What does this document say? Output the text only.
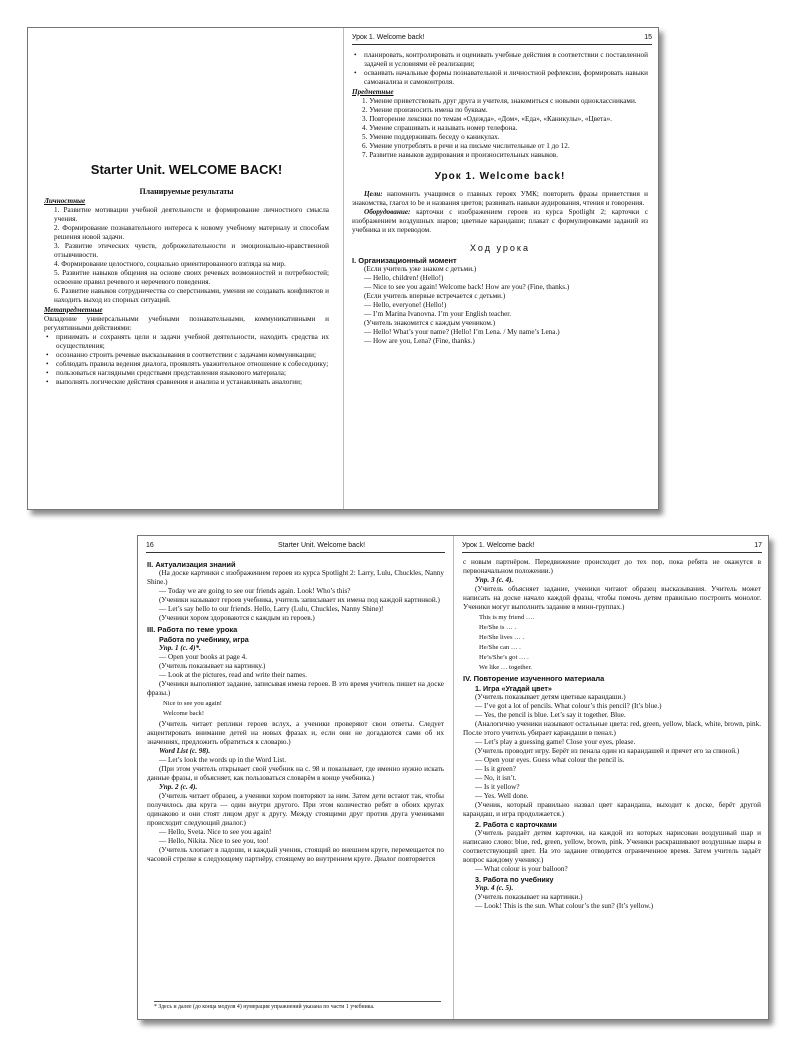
Starter Unit. WELCOME BACK!
Планируемые результаты
Личностные
1. Развитие мотивации учебной деятельности и формирование личностного смысла учения.
2. Формирование познавательного интереса к новому учебному материалу и способам решения новой задачи.
3. Развитие этических чувств, доброжелательности и эмоционально-нравственной отзывчивости.
4. Формирование целостного, социально ориентированного взгляда на мир.
5. Развитие навыков общения на основе своих речевых возможностей и потребностей; освоение правил речевого и неречевого поведения.
6. Развитие навыков сотрудничества со сверстниками, умения не создавать конфликтов и находить выход из спорных ситуаций.
Метапредметные
Овладение универсальными учебными познавательными, коммуникативными и регулятивными действиями:
• принимать и сохранять цели и задачи учебной деятельности, находить средства их осуществления;
• осознанно строить речевые высказывания в соответствии с задачами коммуникации;
• соблюдать правила ведения диалога, проявлять уважительное отношение к собеседнику;
• пользоваться наглядными средствами представления языкового материала;
• выполнять логические действия сравнения и анализа и устанавливать аналогии;
Урок 1. Welcome back!	15
• планировать, контролировать и оценивать учебные действия в соответствии с поставленной задачей и условиями её реализации;
• осваивать начальные формы познавательной и личностной рефлексии, формировать навыки самоанализа и самоконтроля.
Предметные
1. Умение приветствовать друг друга и учителя, знакомиться с новыми одноклассниками.
2. Умение произносить имена по буквам.
3. Повторение лексики по темам «Одежда», «Дом», «Еда», «Каникулы», «Цвета».
4. Умение спрашивать и называть номер телефона.
5. Умение поддерживать беседу о каникулах.
6. Умение употреблять в речи и на письме числительные от 1 до 12.
7. Развитие навыков аудирования и произносительных навыков.
Урок 1. Welcome back!
Цели: напомнить учащимся о главных героях УМК; повторить фразы приветствия и знакомства, глагол to be и названия цветов; развивать навыки аудирования, чтения и говорения.
Оборудование: карточки с изображением героев из курса Spotlight 2; карточки с изображением воздушных шаров; цветные карандаши; плакат с формулировками заданий из учебника и их переводом.
Ход урока
I. Организационный момент
(Если учитель уже знаком с детьми.)
— Hello, children! (Hello!)
— Nice to see you again! Welcome back! How are you? (Fine, thanks.)
(Если учитель впервые встречается с детьми.)
— Hello, everyone! (Hello!)
— I’m Marina Ivanovna. I’m your English teacher.
(Учитель знакомится с каждым учеником.)
— Hello! What’s your name? (Hello! I’m Lena. / My name’s Lena.)
— How are you, Lena? (Fine, thanks.)
16	Starter Unit. Welcome back!
II. Актуализация знаний
(На доске картинки с изображением героев из курса Spotlight 2: Larry, Lulu, Chuckles, Nanny Shine.)
— Today we are going to see our friends again. Look! Who’s this?
(Ученики называют героев учебника, учитель записывает их имена под каждой картинкой.)
— Let’s say hello to our friends. Hello, Larry (Lulu, Chuckles, Nanny Shine)!
(Ученики хором здороваются с каждым из героев.)
III. Работа по теме урока
Работа по учебнику, игра
Упр. 1 (с. 4)*.
— Open your books at page 4.
(Учитель показывает на картинку.)
— Look at the pictures, read and write their names.
(Ученики выполняют задание, записывая имена героев. В это время учитель пишет на доске фразы.)
Nice to see you again!
Welcome back!
(Учитель читает реплики героев вслух, а ученики проверяют свои ответы. Следует акцентировать внимание детей на новых фразах и, если они не догадаются сами об их значениях, предложить обратиться к словарю.)
Word List (с. 98).
— Let’s look the words up in the Word List.
(При этом учитель открывает свой учебник на с. 98 и показывает, где именно нужно искать данные фразы, и объясняет, как пользоваться словарём в конце учебника.)
Упр. 2 (с. 4).
(Учитель читает образец, а ученики хором повторяют за ним. Затем дети встают так, чтобы получилось два круга — один внутри другого. При этом количество ребят в обоих кругах одинаково и они стоят лицом друг к другу. Между стоящими друг против друга учениками происходит следующий диалог.)
— Hello, Sveta. Nice to see you again!
— Hello, Nikita. Nice to see you, too!
(Учитель хлопает в ладоши, и каждый ученик, стоящий во внешнем круге, перемещается по часовой стрелке к следующему партнёру, стоящему во внутреннем круге. Диалог повторяется
* Здесь и далее (до конца модуля 4) нумерация упражнений указана по части 1 учебника.
Урок 1. Welcome back!	17
с новым партнёром. Передвижение происходит до тех пор, пока ребята не окажутся в первоначальном положении.)
Упр. 3 (с. 4).
(Учитель объясняет задание, ученики читают образец высказывания. Учитель может написать на доске начало каждой фразы, чтобы помочь детям правильно построить монолог. Ученики могут выполнить задание в мини-группах.)
This is my friend ….
He/She is … .
He/She lives … .
He/She can … .
He’s/She’s got … .
We like … together.
IV. Повторение изученного материала
1. Игра «Угадай цвет»
(Учитель показывает детям цветные карандаши.)
— I’ve got a lot of pencils. What colour’s this pencil? (It’s blue.)
— Yes, the pencil is blue. Let’s say it together. Blue.
(Аналогично ученики называют остальные цвета: red, green, yellow, black, white, brown, pink. После этого учитель убирает карандаши в пенал.)
— Let’s play a guessing game! Close your eyes, please.
(Учитель проводит игру. Берёт из пенала один из карандашей и прячет его за спиной.)
— Open your eyes. Guess what colour the pencil is.
— Is it green?
— No, it isn’t.
— Is it yellow?
— Yes. Well done.
(Ученик, который правильно назвал цвет карандаша, выходит к доске, берёт другой карандаш, и игра продолжается.)
2. Работа с карточками
(Учитель раздаёт детям карточки, на каждой из которых нарисован воздушный шар и написано слово: blue, red, green, yellow, brown, pink. Ученики раскрашивают воздушные шары в соответствующий цвет. На это задание отводится ограниченное время. Затем учитель задаёт вопрос каждому ученику.)
— What colour is your balloon?
3. Работа по учебнику
Упр. 4 (с. 5).
(Учитель показывает на картинки.)
— Look! This is the sun. What colour’s the sun? (It’s yellow.)
